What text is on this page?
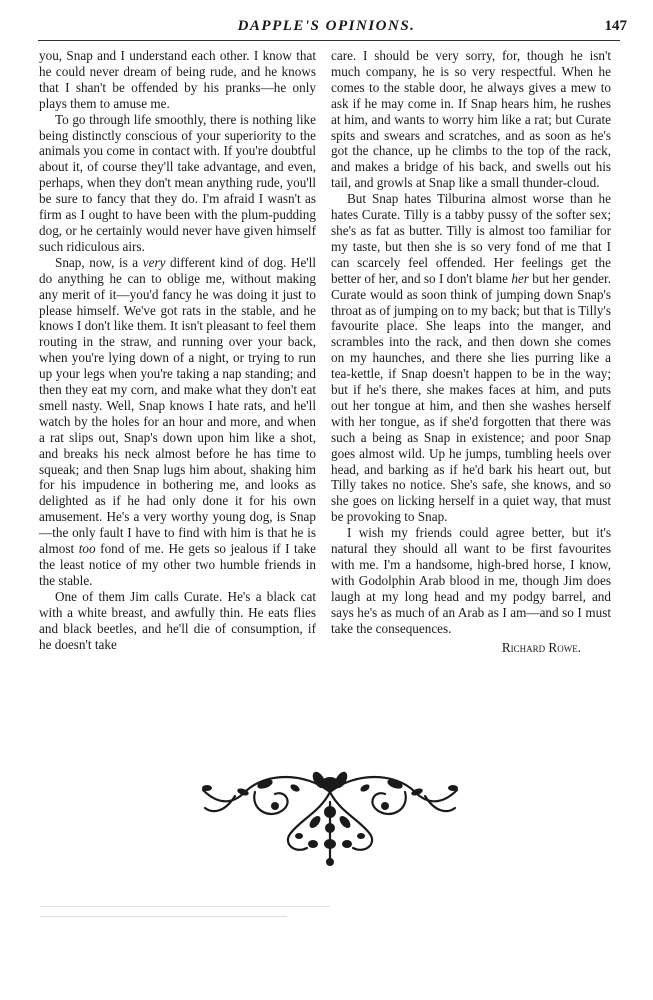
DAPPLE'S OPINIONS.	147

you, Snap and I understand each other. I know that he could never dream of being rude, and he knows that I shan't be offended by his pranks—he only plays them to amuse me.

To go through life smoothly, there is nothing like being distinctly conscious of your superiority to the animals you come in contact with. If you're doubtful about it, of course they'll take advantage, and even, perhaps, when they don't mean anything rude, you'll be sure to fancy that they do. I'm afraid I wasn't as firm as I ought to have been with the plum-pudding dog, or he certainly would never have given himself such ridiculous airs.

Snap, now, is a very different kind of dog. He'll do anything he can to oblige me, without making any merit of it—you'd fancy he was doing it just to please himself. We've got rats in the stable, and he knows I don't like them. It isn't pleasant to feel them routing in the straw, and running over your back, when you're lying down of a night, or trying to run up your legs when you're taking a nap standing; and then they eat my corn, and make what they don't eat smell nasty. Well, Snap knows I hate rats, and he'll watch by the holes for an hour and more, and when a rat slips out, Snap's down upon him like a shot, and breaks his neck almost before he has time to squeak; and then Snap lugs him about, shaking him for his impudence in bothering me, and looks as delighted as if he had only done it for his own amusement. He's a very worthy young dog, is Snap—the only fault I have to find with him is that he is almost too fond of me. He gets so jealous if I take the least notice of my other two humble friends in the stable.

One of them Jim calls Curate. He's a black cat with a white breast, and awfully thin. He eats flies and black beetles, and he'll die of consumption, if he doesn't take

care. I should be very sorry, for, though he isn't much company, he is so very respectful. When he comes to the stable door, he always gives a mew to ask if he may come in. If Snap hears him, he rushes at him, and wants to worry him like a rat; but Curate spits and swears and scratches, and as soon as he's got the chance, up he climbs to the top of the rack, and makes a bridge of his back, and swells out his tail, and growls at Snap like a small thunder-cloud.

But Snap hates Tilburina almost worse than he hates Curate. Tilly is a tabby pussy of the softer sex; she's as fat as butter. Tilly is almost too familiar for my taste, but then she is so very fond of me that I can scarcely feel offended. Her feelings get the better of her, and so I don't blame her but her gender. Curate would as soon think of jumping down Snap's throat as of jumping on to my back; but that is Tilly's favourite place. She leaps into the manger, and scrambles into the rack, and then down she comes on my haunches, and there she lies purring like a tea-kettle, if Snap doesn't happen to be in the way; but if he's there, she makes faces at him, and puts out her tongue at him, and then she washes herself with her tongue, as if she'd forgotten that there was such a being as Snap in existence; and poor Snap goes almost wild. Up he jumps, tumbling heels over head, and barking as if he'd bark his heart out, but Tilly takes no notice. She's safe, she knows, and so she goes on licking herself in a quiet way, that must be provoking to Snap.

I wish my friends could agree better, but it's natural they should all want to be first favourites with me. I'm a handsome, high-bred horse, I know, with Godolphin Arab blood in me, though Jim does laugh at my long head and my podgy barrel, and says he's as much of an Arab as I am—and so I must take the consequences.

Richard Rowe.
